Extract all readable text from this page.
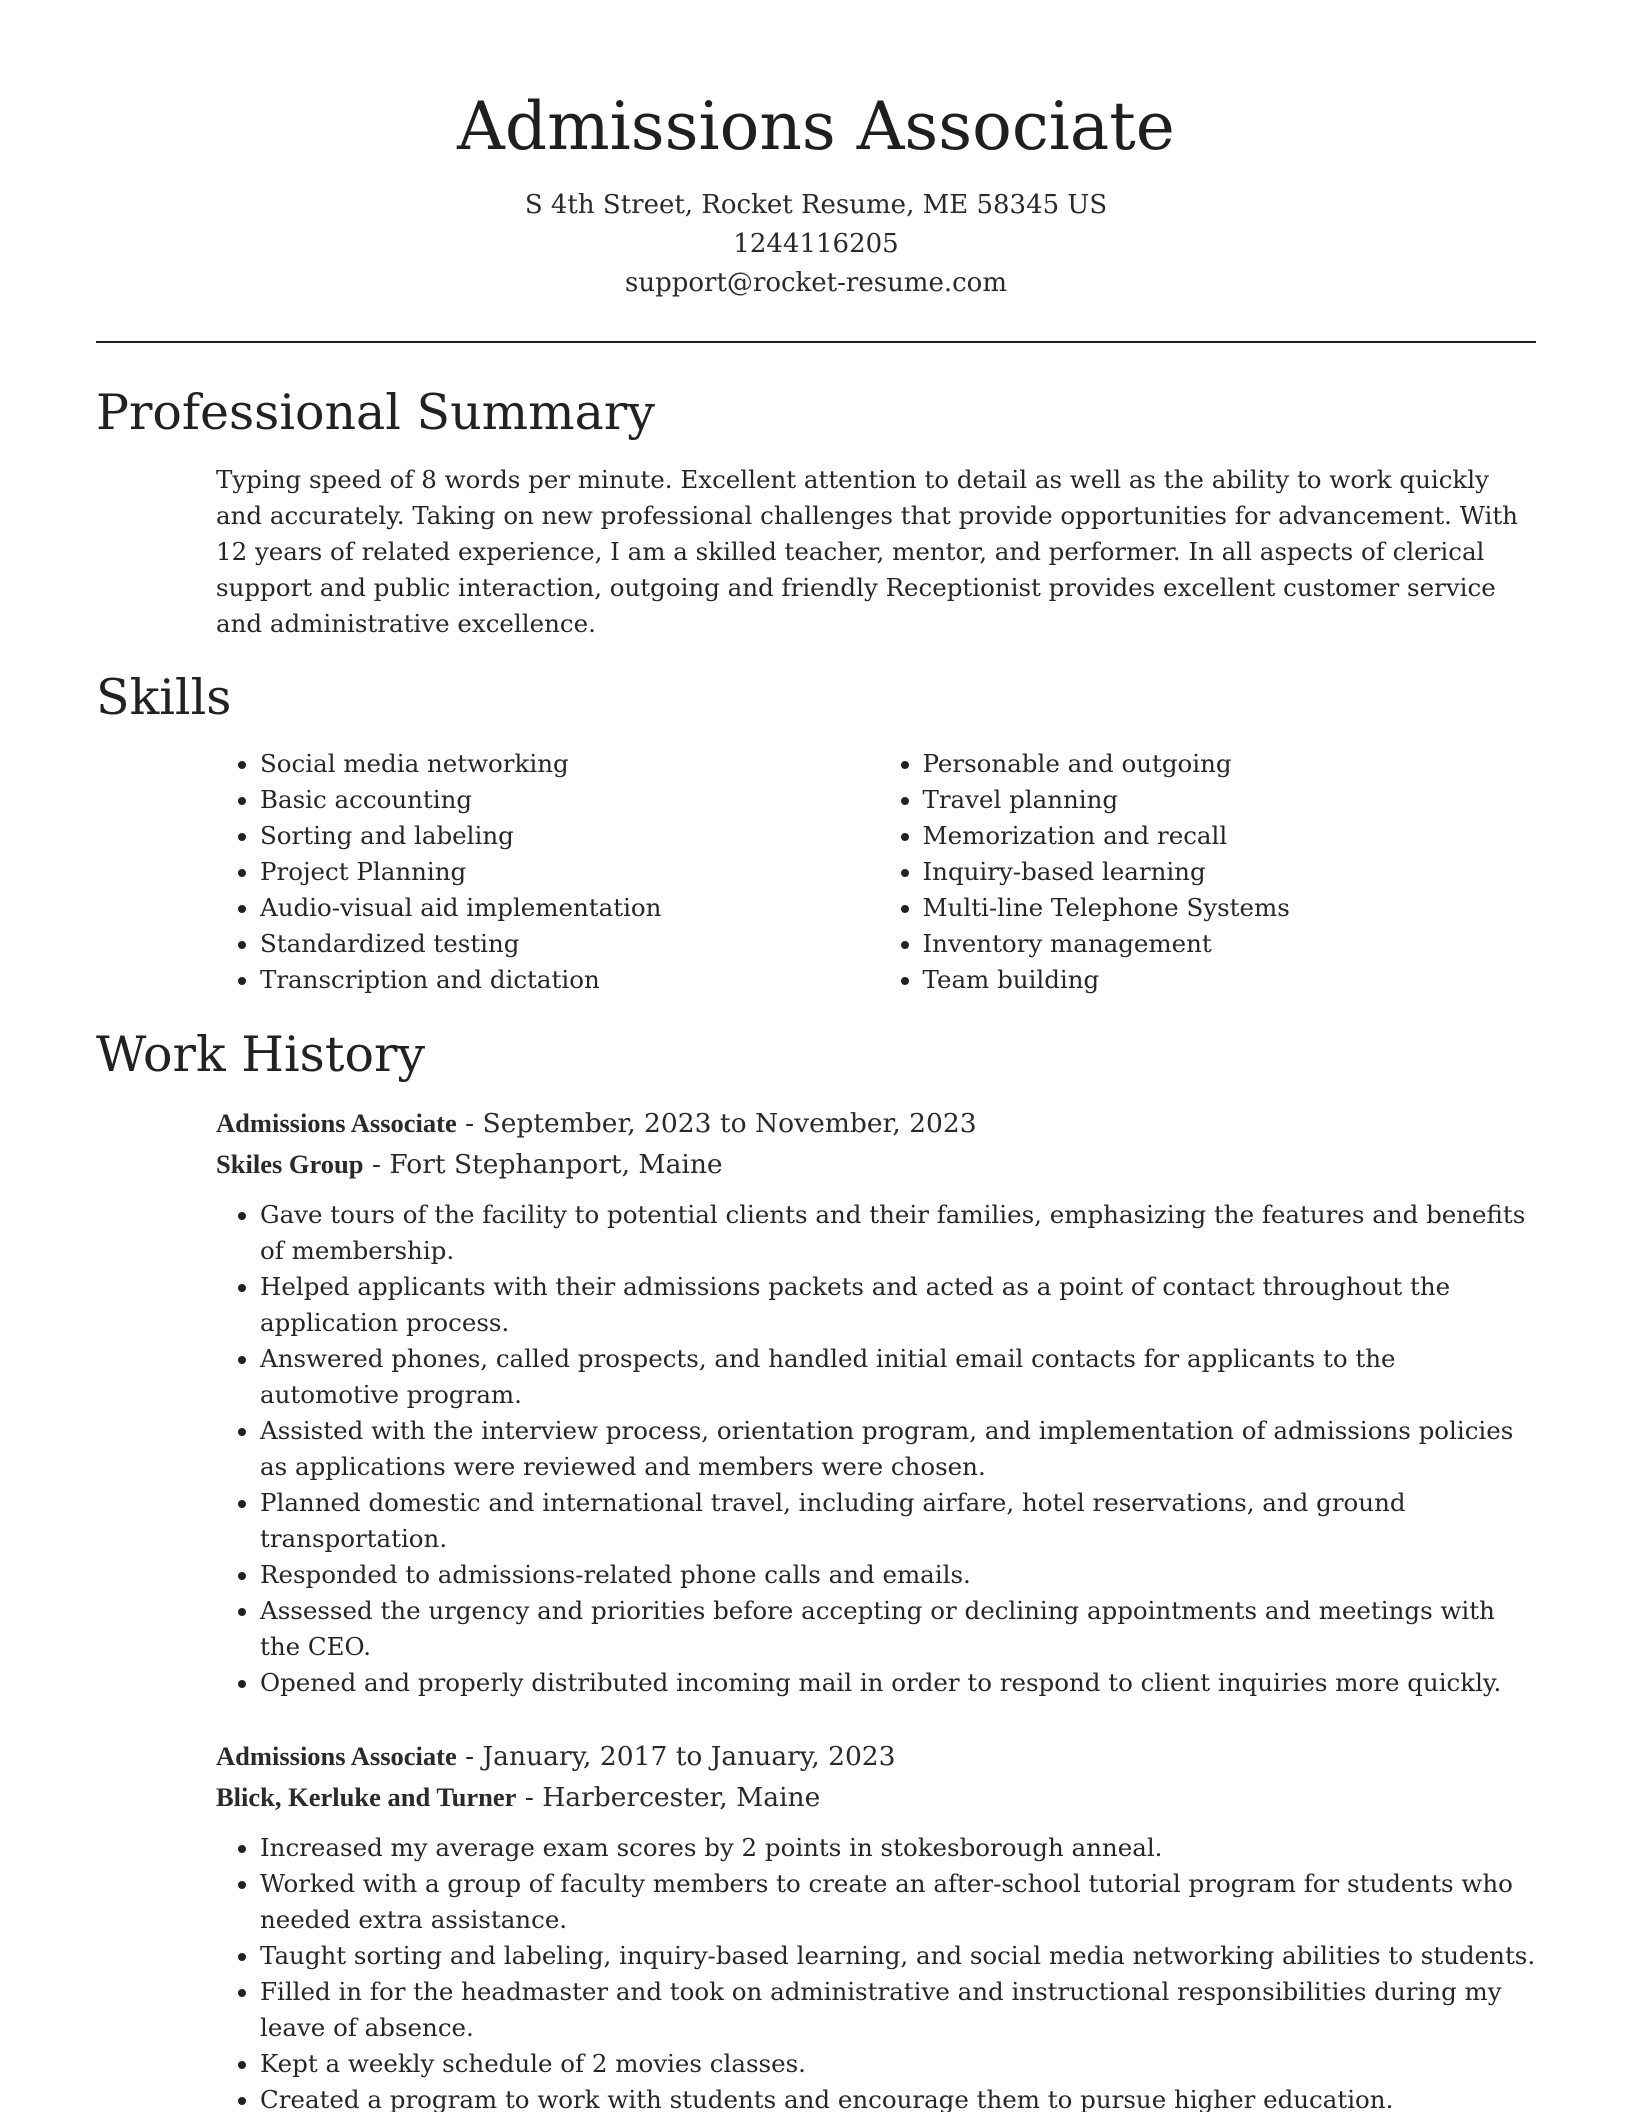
Admissions Associate
S 4th Street, Rocket Resume, ME 58345 US
1244116205
support@rocket-resume.com
Professional Summary

Typing speed of 8 words per minute. Excellent attention to detail as well as the ability to work quickly and accurately. Taking on new professional challenges that provide opportunities for advancement. With 12 years of related experience, I am a skilled teacher, mentor, and performer. In all aspects of clerical support and public interaction, outgoing and friendly Receptionist provides excellent customer service and administrative excellence.

Skills
• Social media networking
• Basic accounting
• Sorting and labeling
• Project Planning
• Audio-visual aid implementation
• Standardized testing
• Transcription and dictation
• Personable and outgoing
• Travel planning
• Memorization and recall
• Inquiry-based learning
• Multi-line Telephone Systems
• Inventory management
• Team building
Work History
Admissions Associate - September, 2023 to November, 2023
Skiles Group - Fort Stephanport, Maine
• Gave tours of the facility to potential clients and their families, emphasizing the features and benefits of membership.
• Helped applicants with their admissions packets and acted as a point of contact throughout the application process.
• Answered phones, called prospects, and handled initial email contacts for applicants to the automotive program.
• Assisted with the interview process, orientation program, and implementation of admissions policies as applications were reviewed and members were chosen.
• Planned domestic and international travel, including airfare, hotel reservations, and ground transportation.
• Responded to admissions-related phone calls and emails.
• Assessed the urgency and priorities before accepting or declining appointments and meetings with the CEO.
• Opened and properly distributed incoming mail in order to respond to client inquiries more quickly.
Admissions Associate - January, 2017 to January, 2023
Blick, Kerluke and Turner - Harbercester, Maine
• Increased my average exam scores by 2 points in stokesborough anneal.
• Worked with a group of faculty members to create an after-school tutorial program for students who needed extra assistance.
• Taught sorting and labeling, inquiry-based learning, and social media networking abilities to students.
• Filled in for the headmaster and took on administrative and instructional responsibilities during my leave of absence.
• Kept a weekly schedule of 2 movies classes.
• Created a program to work with students and encourage them to pursue higher education.
